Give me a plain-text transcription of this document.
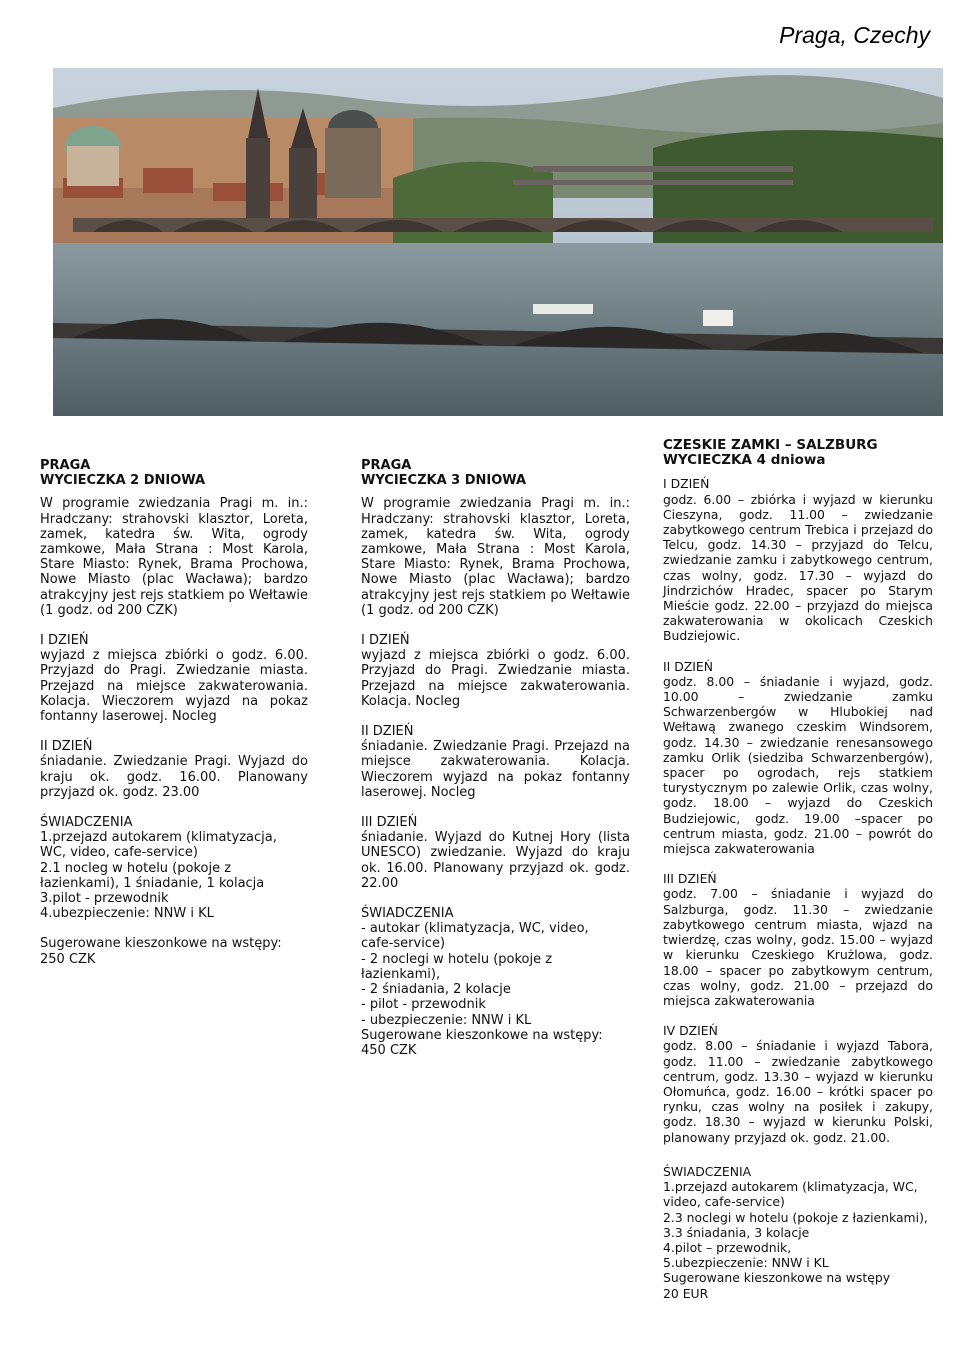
Praga, Czechy
PRAGA
WYCIECZKA 2 DNIOWA

W programie zwiedzania Pragi m. in.: Hradczany: strahovski klasztor, Loreta, zamek, katedra św. Wita, ogrody zamkowe, Mała Strana : Most Karola, Stare Miasto: Rynek, Brama Prochowa, Nowe Miasto (plac Wacława); bardzo atrakcyjny jest rejs statkiem po Wełtawie (1 godz. od 200 CZK)

I DZIEŃ

wyjazd z miejsca zbiórki o godz. 6.00. Przyjazd do Pragi. Zwiedzanie miasta. Przejazd na miejsce zakwaterowania. Kolacja. Wieczorem wyjazd na pokaz fontanny laserowej. Nocleg

II DZIEŃ

śniadanie. Zwiedzanie Pragi. Wyjazd do kraju ok. godz. 16.00. Planowany przyjazd ok. godz. 23.00

ŚWIADCZENIA

1.przejazd autokarem (klimatyzacja,

WC, video, cafe-service)

2.1 nocleg w hotelu (pokoje z

łazienkami), 1 śniadanie, 1 kolacja

3.pilot - przewodnik

4.ubezpieczenie: NNW i KL

Sugerowane kieszonkowe na wstępy:

250 CZK
PRAGA
WYCIECZKA 3 DNIOWA

W programie zwiedzania Pragi m. in.: Hradczany: strahovski klasztor, Loreta, zamek, katedra św. Wita, ogrody zamkowe, Mała Strana : Most Karola, Stare Miasto: Rynek, Brama Prochowa, Nowe Miasto (plac Wacława); bardzo atrakcyjny jest rejs statkiem po Wełtawie (1 godz. od 200 CZK)

I DZIEŃ

wyjazd z miejsca zbiórki o godz. 6.00. Przyjazd do Pragi. Zwiedzanie miasta. Przejazd na miejsce zakwaterowania. Kolacja. Nocleg

II DZIEŃ

śniadanie. Zwiedzanie Pragi. Przejazd na miejsce zakwaterowania. Kolacja. Wieczorem wyjazd na pokaz fontanny laserowej. Nocleg

III DZIEŃ

śniadanie. Wyjazd do Kutnej Hory (lista UNESCO) zwiedzanie. Wyjazd do kraju ok. 16.00. Planowany przyjazd ok. godz. 22.00

ŚWIADCZENIA

- autokar (klimatyzacja, WC, video,

cafe-service)

- 2 noclegi w hotelu (pokoje z

łazienkami),

- 2 śniadania, 2 kolacje

- pilot - przewodnik

- ubezpieczenie: NNW i KL

Sugerowane kieszonkowe na wstępy:

450 CZK
CZESKIE ZAMKI – SALZBURG
WYCIECZKA 4 dniowa
I DZIEŃ

godz. 6.00 – zbiórka i wyjazd w kierunku Cieszyna, godz. 11.00 – zwiedzanie zabytkowego centrum Trebica i przejazd do Telcu, godz. 14.30 – przyjazd do Telcu, zwiedzanie zamku i zabytkowego centrum, czas wolny, godz. 17.30 – wyjazd do Jindrzichów Hradec, spacer po Starym Mieście godz. 22.00 – przyjazd do miejsca zakwaterowania w okolicach Czeskich Budziejowic.

II DZIEŃ

godz. 8.00 – śniadanie i wyjazd, godz. 10.00 – zwiedzanie zamku Schwarzenbergów w Hlubokiej nad Wełtawą zwanego czeskim Windsorem, godz. 14.30 – zwiedzanie renesansowego zamku Orlik (siedziba Schwarzenbergów), spacer po ogrodach, rejs statkiem turystycznym po zalewie Orlik, czas wolny, godz. 18.00 – wyjazd do Czeskich Budziejowic, godz. 19.00 –spacer po centrum miasta, godz. 21.00 – powrót do miejsca zakwaterowania

III DZIEŃ

godz. 7.00 – śniadanie i wyjazd do Salzburga, godz. 11.30 – zwiedzanie zabytkowego centrum miasta, wjazd na twierdzę, czas wolny, godz. 15.00 – wyjazd w kierunku Czeskiego Krużlowa, godz. 18.00 – spacer po zabytkowym centrum, czas wolny, godz. 21.00 – przejazd do miejsca zakwaterowania

IV DZIEŃ

godz. 8.00 – śniadanie i wyjazd Tabora, godz. 11.00 – zwiedzanie zabytkowego centrum, godz. 13.30 – wyjazd w kierunku Ołomuńca, godz. 16.00 – krótki spacer po rynku, czas wolny na posiłek i zakupy, godz. 18.30 – wyjazd w kierunku Polski, planowany przyjazd ok. godz. 21.00.

ŚWIADCZENIA

1.przejazd autokarem (klimatyzacja, WC,

video, cafe-service)

2.3 noclegi w hotelu (pokoje z łazienkami),

3.3 śniadania, 3 kolacje

4.pilot – przewodnik,

5.ubezpieczenie: NNW i KL

Sugerowane kieszonkowe na wstępy

20 EUR
